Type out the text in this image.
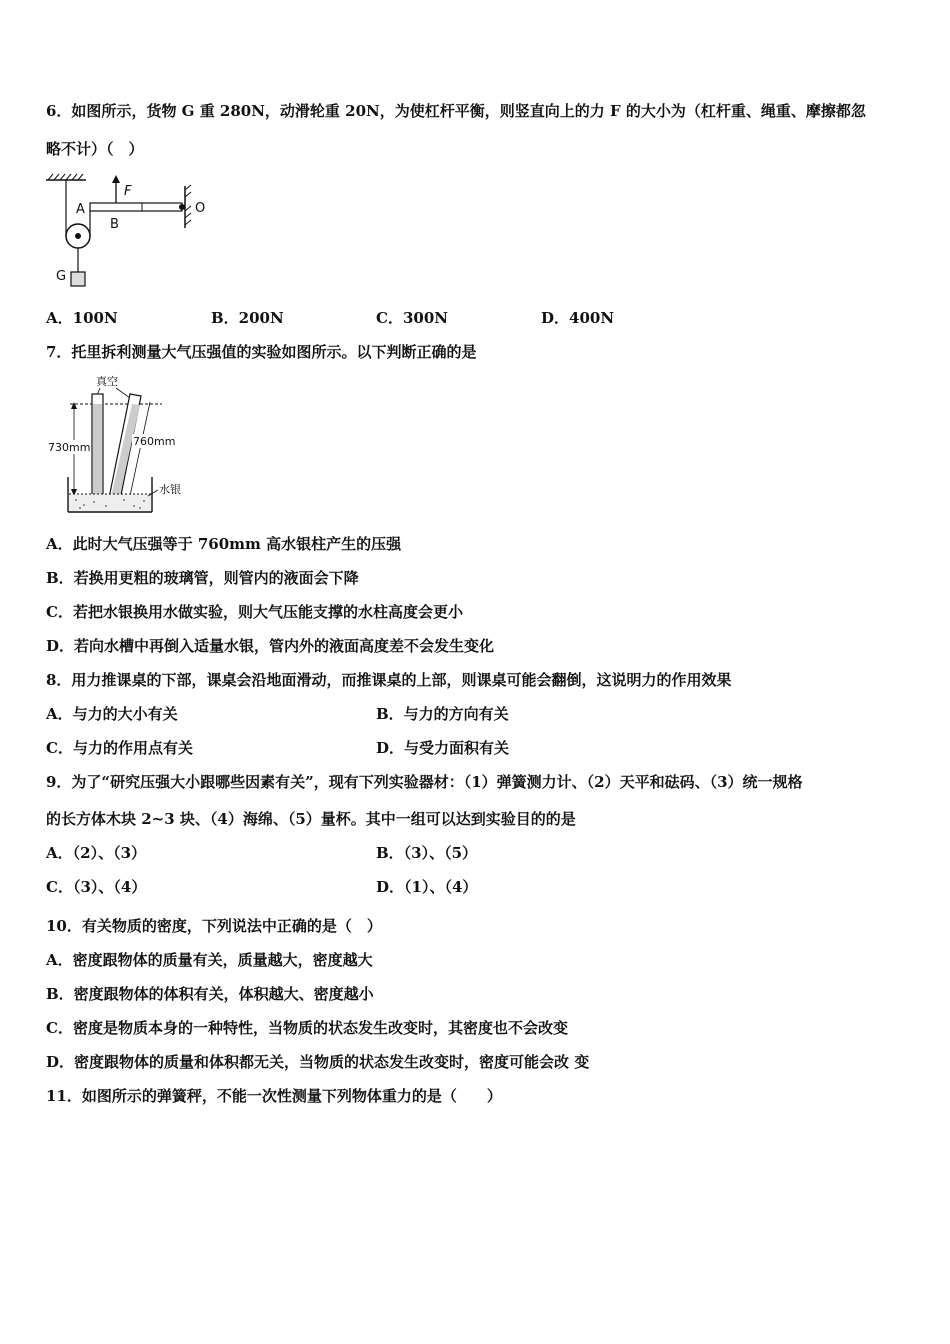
6．如图所示，货物 G 重 280N，动滑轮重 20N，为使杠杆平衡，则竖直向上的力 F 的大小为（杠杆重、绳重、摩擦都忽
略不计）（　）
F
A
B
O
G
A．100N	B．200N	C．300N	D．400N
7．托里拆利测量大气压强值的实验如图所示。以下判断正确的是
真空
730mm	760mm
水银
A．此时大气压强等于 760mm 高水银柱产生的压强
B．若换用更粗的玻璃管，则管内的液面会下降
C．若把水银换用水做实验，则大气压能支撑的水柱高度会更小
D．若向水槽中再倒入适量水银，管内外的液面高度差不会发生变化
8．用力推课桌的下部，课桌会沿地面滑动，而推课桌的上部，则课桌可能会翻倒，这说明力的作用效果
A．与力的大小有关	B．与力的方向有关
C．与力的作用点有关	D．与受力面积有关
9．为了“研究压强大小跟哪些因素有关”，现有下列实验器材：（1）弹簧测力计、（2）天平和砝码、（3）统一规格
的长方体木块 2~3 块、（4）海绵、（5）量杯。其中一组可以达到实验目的的是
A．（2）、（3）	B．（3）、（5）
C．（3）、（4）	D．（1）、（4）
10．有关物质的密度，下列说法中正确的是（　）
A．密度跟物体的质量有关，质量越大，密度越大
B．密度跟物体的体积有关，体积越大、密度越小
C．密度是物质本身的一种特性，当物质的状态发生改变时，其密度也不会改变
D．密度跟物体的质量和体积都无关，当物质的状态发生改变时，密度可能会改 变
11．如图所示的弹簧秤，不能一次性测量下列物体重力的是（　　）
